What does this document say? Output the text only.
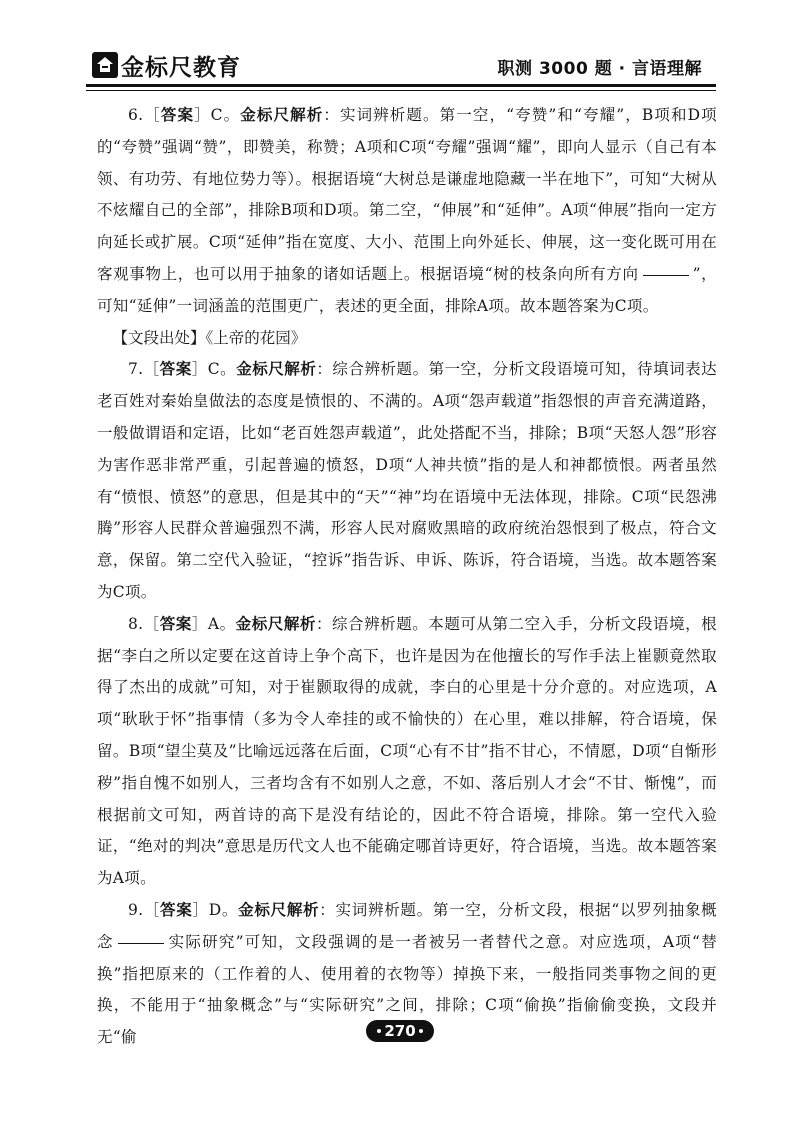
金标尺教育	职测 3000 题 · 言语理解

6.［答案］C。金标尺解析：实词辨析题。第一空，“夸赞”和“夸耀”，B项和D项的“夸赞”强调“赞”，即赞美，称赞；A项和C项“夸耀”强调“耀”，即向人显示（自己有本领、有功劳、有地位势力等）。根据语境“大树总是谦虚地隐藏一半在地下”，可知“大树从不炫耀自己的全部”，排除B项和D项。第二空，“伸展”和“延伸”。A项“伸展”指向一定方向延长或扩展。C项“延伸”指在宽度、大小、范围上向外延长、伸展，这一变化既可用在客观事物上，也可以用于抽象的诸如话题上。根据语境“树的枝条向所有方向	”，可知“延伸”一词涵盖的范围更广，表述的更全面，排除A项。故本题答案为C项。

【文段出处】《上帝的花园》

7.［答案］C。金标尺解析：综合辨析题。第一空，分析文段语境可知，待填词表达老百姓对秦始皇做法的态度是愤恨的、不满的。A项“怨声载道”指怨恨的声音充满道路，一般做谓语和定语，比如“老百姓怨声载道”，此处搭配不当，排除；B项“天怒人怨”形容为害作恶非常严重，引起普遍的愤怒，D项“人神共愤”指的是人和神都愤恨。两者虽然有“愤恨、愤怒”的意思，但是其中的“天”“神”均在语境中无法体现，排除。C项“民怨沸腾”形容人民群众普遍强烈不满，形容人民对腐败黑暗的政府统治怨恨到了极点，符合文意，保留。第二空代入验证，“控诉”指告诉、申诉、陈诉，符合语境，当选。故本题答案为C项。

8.［答案］A。金标尺解析：综合辨析题。本题可从第二空入手，分析文段语境，根据“李白之所以定要在这首诗上争个高下，也许是因为在他擅长的写作手法上崔颢竟然取得了杰出的成就”可知，对于崔颢取得的成就，李白的心里是十分介意的。对应选项，A项“耿耿于怀”指事情（多为令人牵挂的或不愉快的）在心里，难以排解，符合语境，保留。B项“望尘莫及”比喻远远落在后面，C项“心有不甘”指不甘心，不情愿，D项“自惭形秽”指自愧不如别人，三者均含有不如别人之意，不如、落后别人才会“不甘、惭愧”，而根据前文可知，两首诗的高下是没有结论的，因此不符合语境，排除。第一空代入验证，“绝对的判决”意思是历代文人也不能确定哪首诗更好，符合语境，当选。故本题答案为A项。

9.［答案］D。金标尺解析：实词辨析题。第一空，分析文段，根据“以罗列抽象概念	实际研究”可知，文段强调的是一者被另一者替代之意。对应选项，A项“替换”指把原来的（工作着的人、使用着的衣物等）掉换下来，一般指同类事物之间的更换，不能用于“抽象概念”与“实际研究”之间，排除；C项“偷换”指偷偷变换，文段并无“偷	270
